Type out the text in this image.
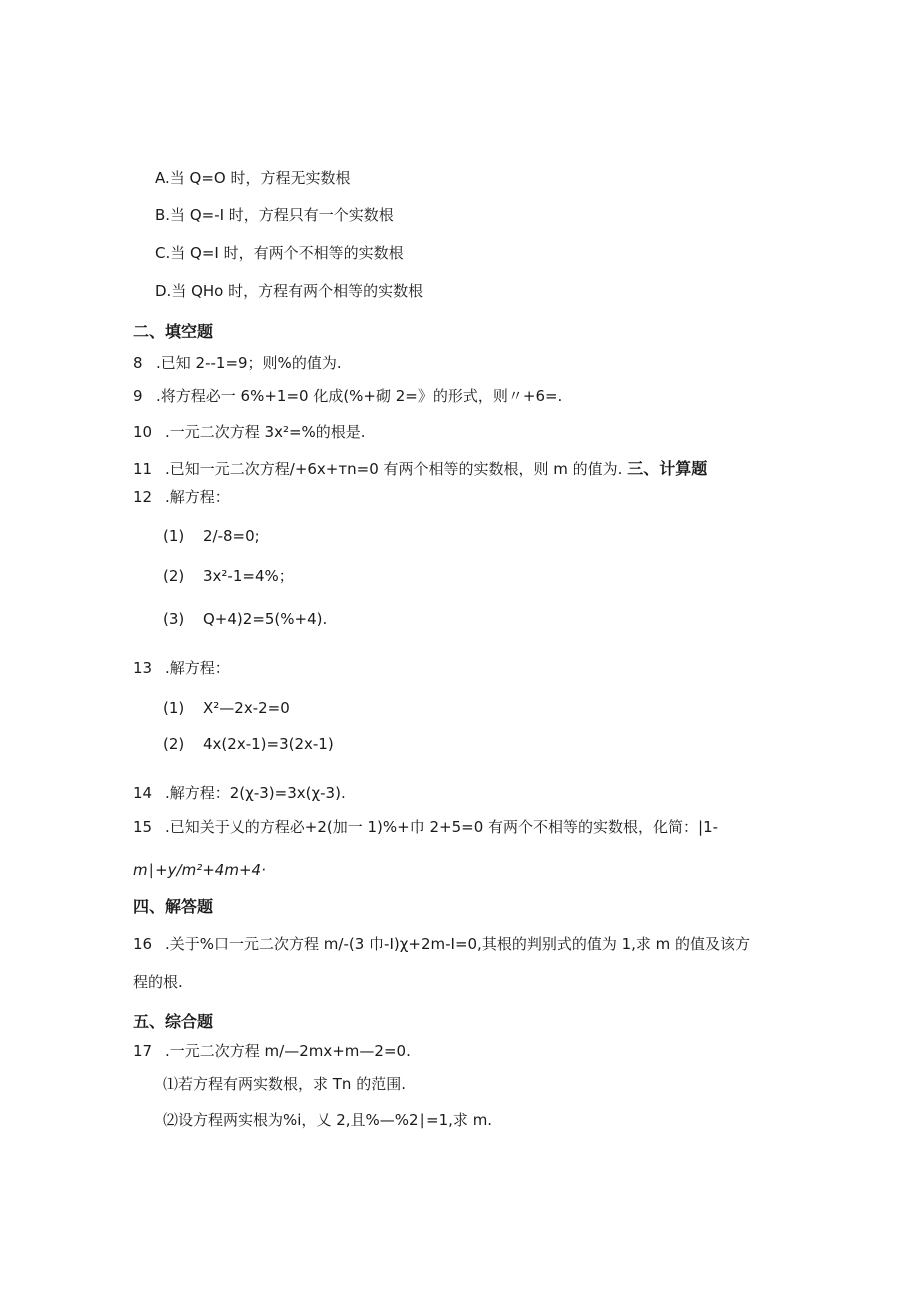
A.当 Q=O 时，方程无实数根
B.当 Q=-I 时，方程只有一个实数根
C.当 Q=I 时，有两个不相等的实数根
D.当 QHo 时，方程有两个相等的实数根
二、填空题
8 .已知 2--1=9；则%的值为.
9 .将方程必一 6%+1=0 化成(%+砌 2=》的形式，则〃+6=.
10 .一元二次方程 3x²=%的根是.
11 .已知一元二次方程/+6x+тn=0 有两个相等的实数根，则 m 的值为. 三、计算题
12 .解方程：
(1) 2/-8=0;
(2) 3x²-1=4%；
(3) Q+4)2=5(%+4).
13 .解方程：
(1) X²—2x-2=0
(2) 4x(2x-1)=3(2x-1)
14 .解方程：2(χ-3)=3x(χ-3).
15 .已知关于乂的方程必+2(加一 1)%+巾 2+5=0 有两个不相等的实数根，化简：|1-
m∣+y∕m²+4m+4·
四、解答题
16 .关于%口一元二次方程 m/-(3 巾-I)χ+2m-I=0,其根的判别式的值为 1,求 m 的值及该方
程的根.
五、综合题
17 .一元二次方程 m/—2mx+m—2=0.
⑴若方程有两实数根，求 Tn 的范围.
⑵设方程两实根为%i，乂 2,且%—%2∣=1,求 m.
